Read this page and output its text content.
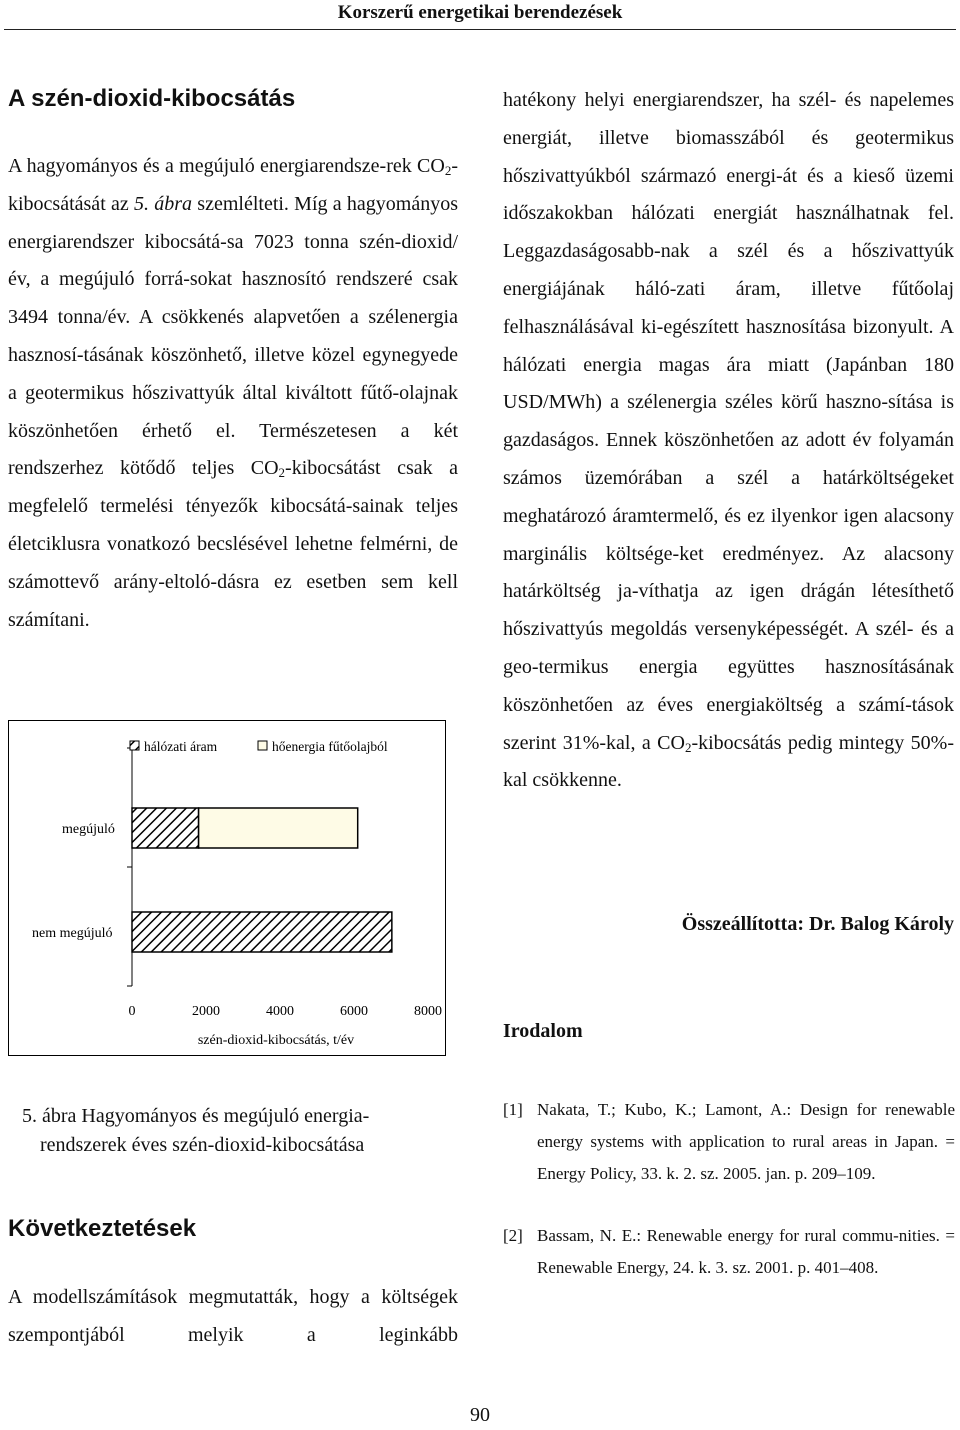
Korszerű energetikai berendezések
A szén-dioxid-kibocsátás

A hagyományos és a megújuló energiarendsze-rek $CO_2$-kibocsátását az 5. ábra szemlélteti. Míg a hagyományos energiarendszer kibocsátá-sa 7023 tonna szén-dioxid/év, a megújuló forrá-sokat hasznosító rendszeré csak 3494 tonna/év. A csökkenés alapvetően a szélenergia hasznosí-tásának köszönhető, illetve közel egynegyede a geotermikus hőszivattyúk által kiváltott fűtő-olajnak köszönhetően érhető el. Természetesen a két rendszerhez kötődő teljes $CO_2$-kibocsátást csak a megfelelő termelési tényezők kibocsátá-sainak teljes életciklusra vonatkozó becslésével lehetne felmérni, de számottevő arány-eltoló-dásra ez esetben sem kell számítani.

hálózati áram	hőenergia fűtőolajból
megújuló
nem megújuló
0	2000	4000	6000	8000
szén-dioxid-kibocsátás, t/év
5. ábra Hagyományos és megújuló energia-
rendszerek éves szén-dioxid-kibocsátása
Következtetések

A modellszámítások megmutatták, hogy a költségek szempontjából melyik a leginkább

hatékony helyi energiarendszer, ha szél- és napelemes energiát, illetve biomasszából és geotermikus hőszivattyúkból származó energi-át és a kieső üzemi időszakokban hálózati energiát használhatnak fel. Leggazdaságosabb-nak a szél és a hőszivattyúk energiájának háló-zati áram, illetve fűtőolaj felhasználásával ki-egészített hasznosítása bizonyult. A hálózati energia magas ára miatt (Japánban 180 USD/MWh) a szélenergia széles körű haszno-sítása is gazdaságos. Ennek köszönhetően az adott év folyamán számos üzemórában a szél a határköltségeket meghatározó áramtermelő, és ez ilyenkor igen alacsony marginális költsége-ket eredményez. Az alacsony határköltség ja-víthatja az igen drágán létesíthető hőszivattyús megoldás versenyképességét. A szél- és a geo-termikus energia együttes hasznosításának köszönhetően az éves energiaköltség a számí-tások szerint 31%-kal, a $CO_2$-kibocsátás pedig mintegy 50%-kal csökkenne.

Összeállította: Dr. Balog Károly
Irodalom
[1] Nakata, T.; Kubo, K.; Lamont, A.: Design for renewable energy systems with application to rural areas in Japan. = Energy Policy, 33. k. 2. sz. 2005. jan. p. 209–109.
[2] Bassam, N. E.: Renewable energy for rural commu-nities. = Renewable Energy, 24. k. 3. sz. 2001. p. 401–408.
90
